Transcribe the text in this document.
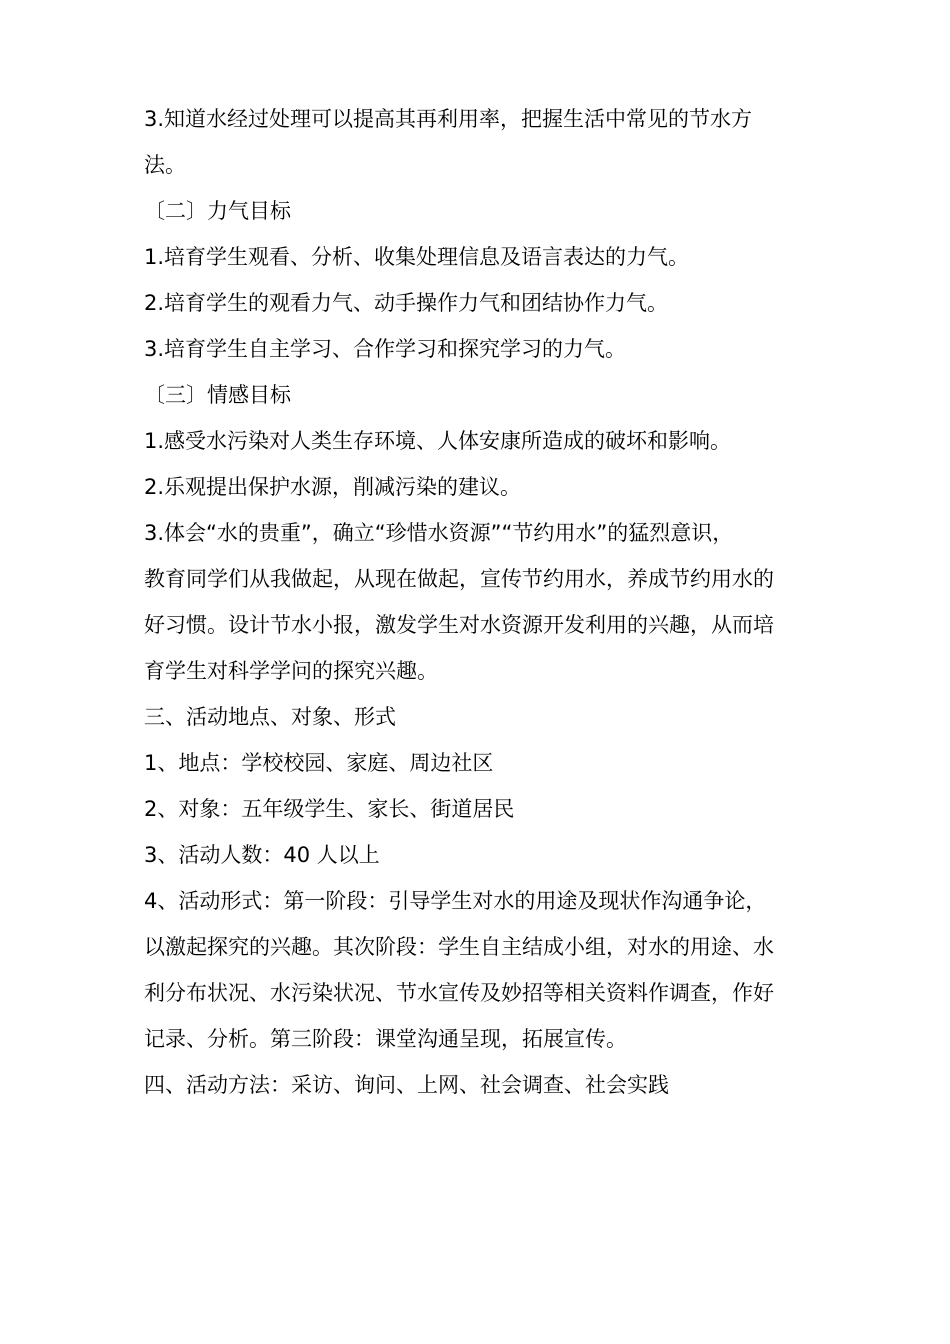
3.知道水经过处理可以提高其再利用率，把握生活中常见的节水方

法。

〔二〕力气目标

1.培育学生观看、分析、收集处理信息及语言表达的力气。

2.培育学生的观看力气、动手操作力气和团结协作力气。

3.培育学生自主学习、合作学习和探究学习的力气。

〔三〕情感目标

1.感受水污染对人类生存环境、人体安康所造成的破坏和影响。

2.乐观提出保护水源，削减污染的建议。

3.体会“水的贵重”，确立“珍惜水资源”“节约用水”的猛烈意识，

教育同学们从我做起，从现在做起，宣传节约用水，养成节约用水的

好习惯。设计节水小报，激发学生对水资源开发利用的兴趣，从而培

育学生对科学学问的探究兴趣。

三、活动地点、对象、形式

1、地点：学校校园、家庭、周边社区

2、对象：五年级学生、家长、街道居民

3、活动人数：40 人以上

4、活动形式：第一阶段：引导学生对水的用途及现状作沟通争论，

以激起探究的兴趣。其次阶段：学生自主结成小组，对水的用途、水

利分布状况、水污染状况、节水宣传及妙招等相关资料作调查，作好

记录、分析。第三阶段：课堂沟通呈现，拓展宣传。

四、活动方法：采访、询问、上网、社会调查、社会实践
